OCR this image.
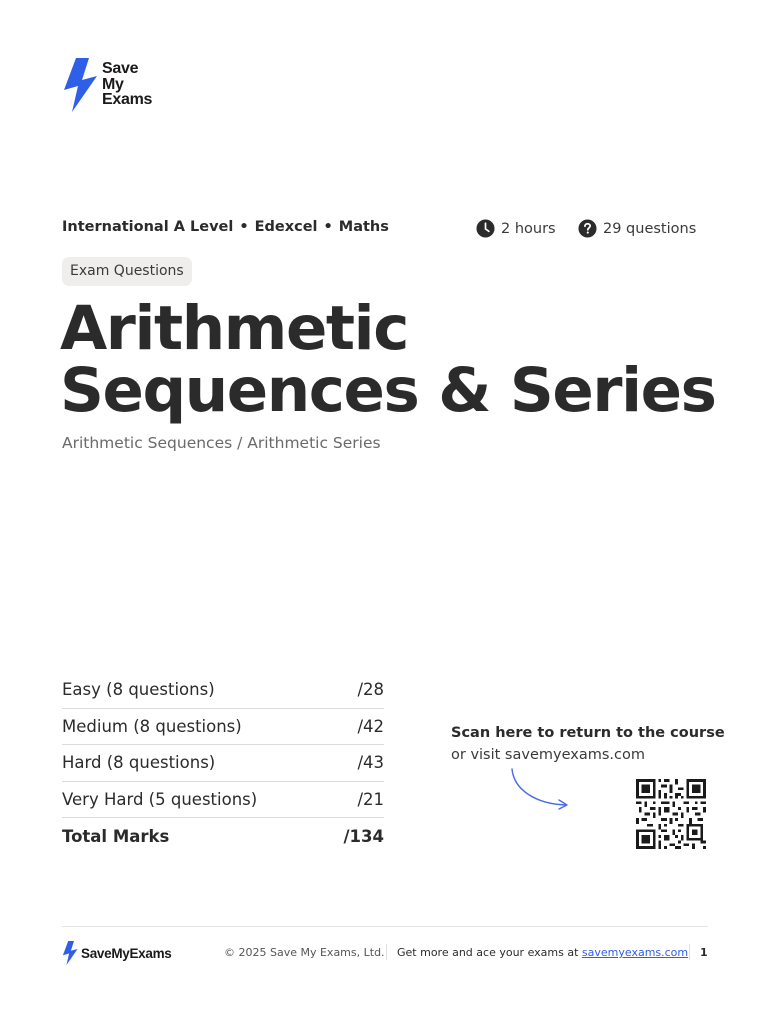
Save
My
Exams
International A Level • Edexcel • Maths	2 hours	29 questions
Exam Questions
Arithmetic Sequences & Series
Arithmetic Sequences / Arithmetic Series
Easy (8 questions)	/28
Medium (8 questions)	/42
Hard (8 questions)	/43
Very Hard (5 questions)	/21
Total Marks	/134
Scan here to return to the course
or visit savemyexams.com
SaveMyExams	© 2025 Save My Exams, Ltd. Get more and ace your exams at savemyexams.com 1
